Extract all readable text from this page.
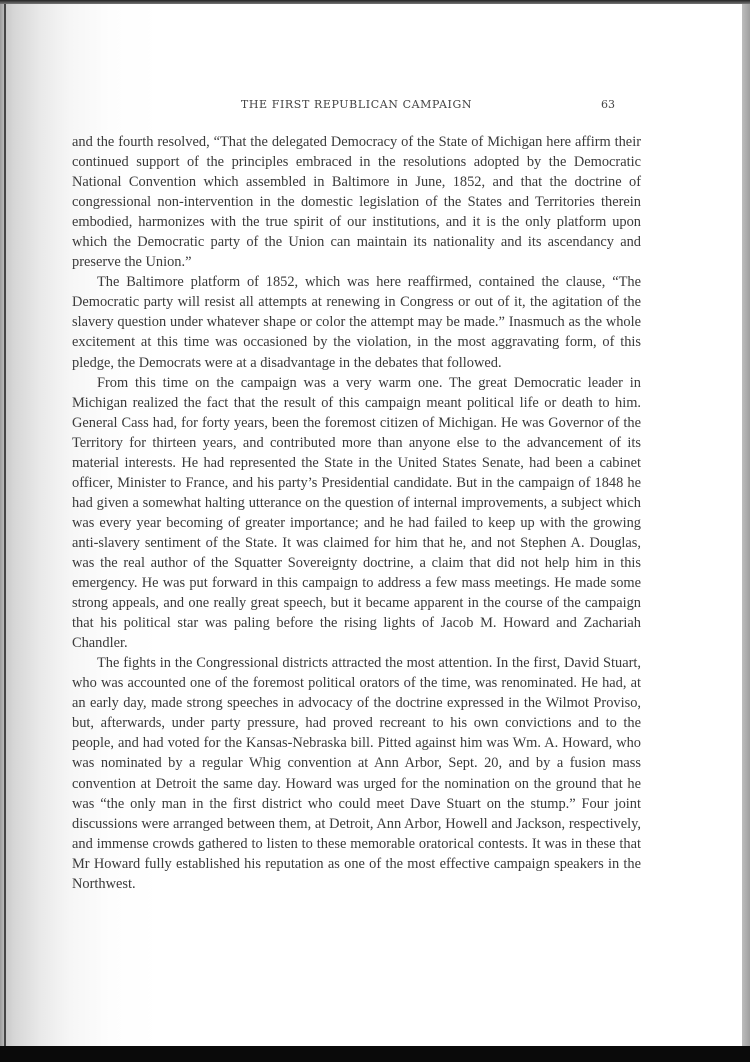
THE FIRST REPUBLICAN CAMPAIGN	63

and the fourth resolved, “That the delegated Democracy of the State of Michigan here affirm their continued support of the principles embraced in the resolutions adopted by the Democratic National Convention which assembled in Baltimore in June, 1852, and that the doctrine of congressional non-intervention in the domestic legislation of the States and Territories therein embodied, harmonizes with the true spirit of our institutions, and it is the only platform upon which the Democratic party of the Union can maintain its nationality and its ascendancy and preserve the Union.”

The Baltimore platform of 1852, which was here reaffirmed, contained the clause, “The Democratic party will resist all attempts at renewing in Congress or out of it, the agitation of the slavery question under whatever shape or color the attempt may be made.” Inasmuch as the whole excitement at this time was occasioned by the violation, in the most aggravating form, of this pledge, the Democrats were at a disadvantage in the debates that followed.

From this time on the campaign was a very warm one. The great Democratic leader in Michigan realized the fact that the result of this campaign meant political life or death to him. General Cass had, for forty years, been the foremost citizen of Michigan. He was Governor of the Territory for thirteen years, and contributed more than anyone else to the advancement of its material interests. He had represented the State in the United States Senate, had been a cabinet officer, Minister to France, and his party’s Presidential candidate. But in the campaign of 1848 he had given a somewhat halting utterance on the question of internal improvements, a subject which was every year becoming of greater importance; and he had failed to keep up with the growing anti-slavery sentiment of the State. It was claimed for him that he, and not Stephen A. Douglas, was the real author of the Squatter Sovereignty doctrine, a claim that did not help him in this emergency. He was put forward in this campaign to address a few mass meetings. He made some strong appeals, and one really great speech, but it became apparent in the course of the campaign that his political star was paling before the rising lights of Jacob M. Howard and Zachariah Chandler.

The fights in the Congressional districts attracted the most attention. In the first, David Stuart, who was accounted one of the foremost political orators of the time, was renominated. He had, at an early day, made strong speeches in advocacy of the doctrine expressed in the Wilmot Proviso, but, afterwards, under party pressure, had proved recreant to his own convictions and to the people, and had voted for the Kansas-Nebraska bill. Pitted against him was Wm. A. Howard, who was nominated by a regular Whig convention at Ann Arbor, Sept. 20, and by a fusion mass convention at Detroit the same day. Howard was urged for the nomination on the ground that he was “the only man in the first district who could meet Dave Stuart on the stump.” Four joint discussions were arranged between them, at Detroit, Ann Arbor, Howell and Jackson, respectively, and immense crowds gathered to listen to these memorable oratorical contests. It was in these that Mr Howard fully established his reputation as one of the most effective campaign speakers in the Northwest.
